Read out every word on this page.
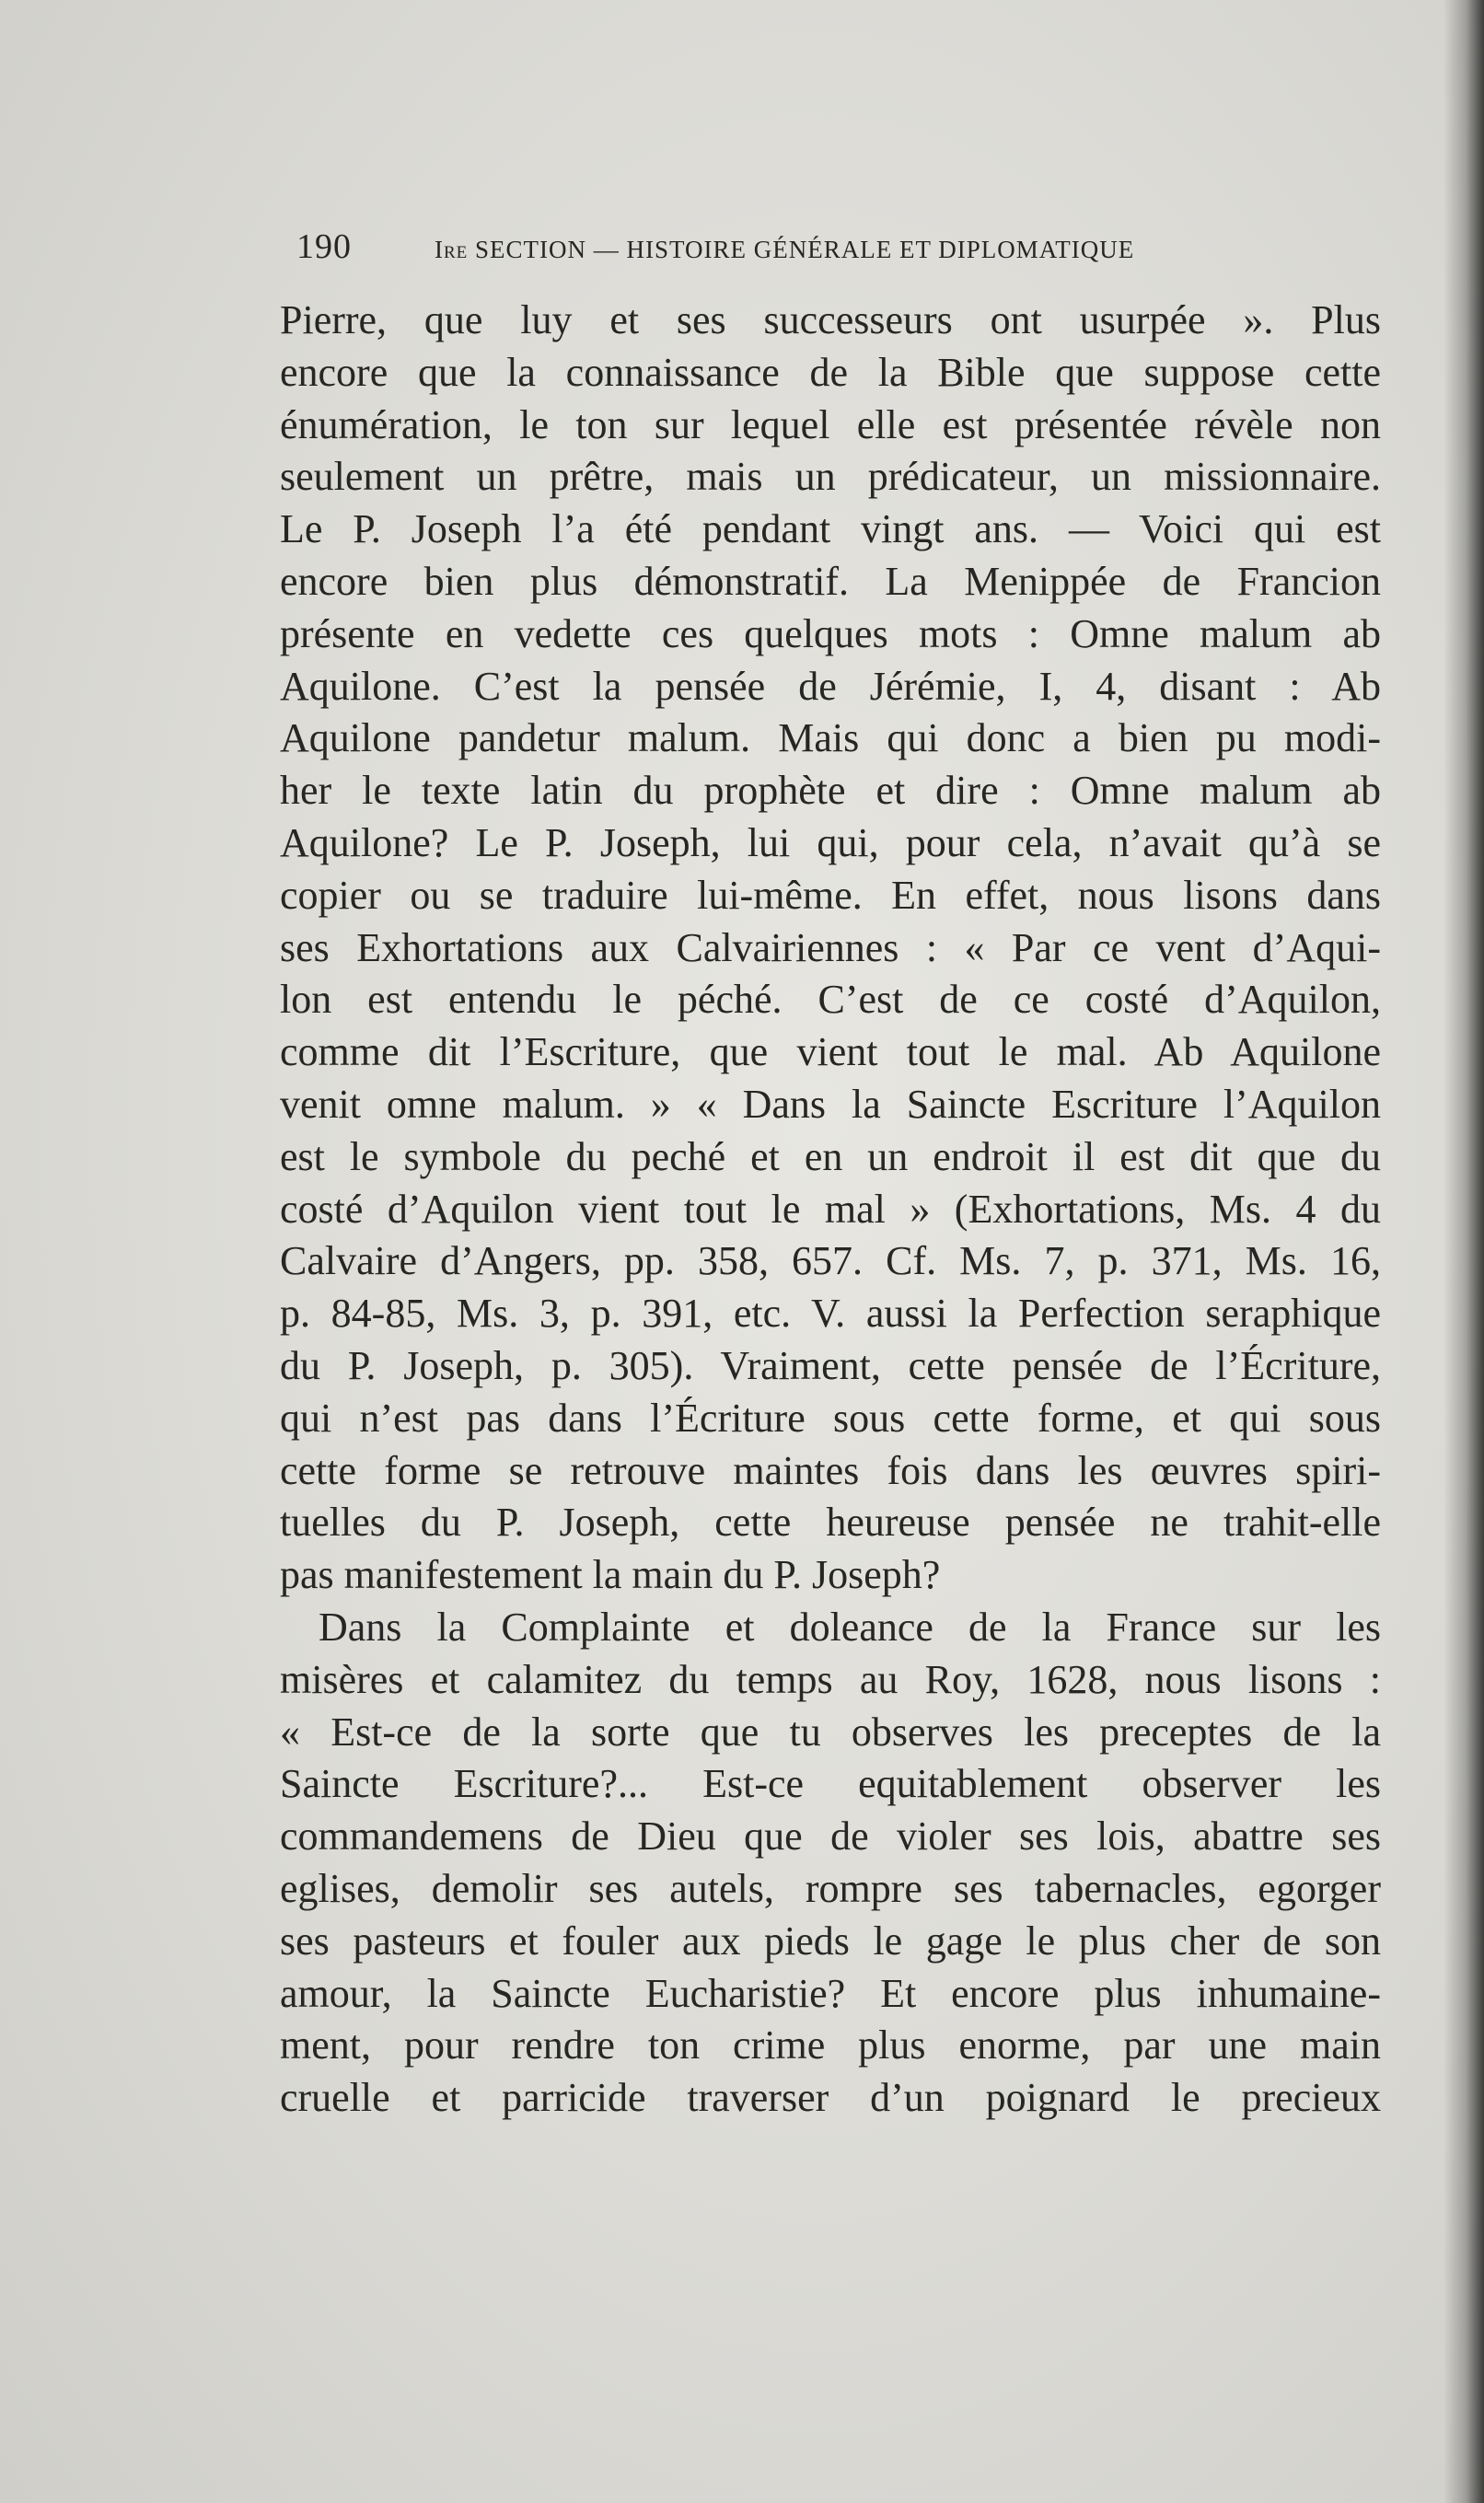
190	Ire SECTION — HISTOIRE GÉNÉRALE ET DIPLOMATIQUE
Pierre, que luy et ses successeurs ont usurpée ». Plus
encore que la connaissance de la Bible que suppose cette
énumération, le ton sur lequel elle est présentée révèle non
seulement un prêtre, mais un prédicateur, un missionnaire.
Le P. Joseph l’a été pendant vingt ans. — Voici qui est
encore bien plus démonstratif. La Menippée de Francion
présente en vedette ces quelques mots : Omne malum ab
Aquilone. C’est la pensée de Jérémie, I, 4, disant : Ab
Aquilone pandetur malum. Mais qui donc a bien pu modi-
her le texte latin du prophète et dire : Omne malum ab
Aquilone? Le P. Joseph, lui qui, pour cela, n’avait qu’à se
copier ou se traduire lui-même. En effet, nous lisons dans
ses Exhortations aux Calvairiennes : « Par ce vent d’Aqui-
lon est entendu le péché. C’est de ce costé d’Aquilon,
comme dit l’Escriture, que vient tout le mal. Ab Aquilone
venit omne malum. » « Dans la Saincte Escriture l’Aquilon
est le symbole du peché et en un endroit il est dit que du
costé d’Aquilon vient tout le mal » (Exhortations, Ms. 4 du
Calvaire d’Angers, pp. 358, 657. Cf. Ms. 7, p. 371, Ms. 16,
p. 84-85, Ms. 3, p. 391, etc. V. aussi la Perfection seraphique
du P. Joseph, p. 305). Vraiment, cette pensée de l’Écriture,
qui n’est pas dans l’Écriture sous cette forme, et qui sous
cette forme se retrouve maintes fois dans les œuvres spiri-
tuelles du P. Joseph, cette heureuse pensée ne trahit-elle
pas manifestement la main du P. Joseph?
Dans la Complainte et doleance de la France sur les
misères et calamitez du temps au Roy, 1628, nous lisons :
« Est-ce de la sorte que tu observes les preceptes de la
Saincte Escriture?... Est-ce equitablement observer les
commandemens de Dieu que de violer ses lois, abattre ses
eglises, demolir ses autels, rompre ses tabernacles, egorger
ses pasteurs et fouler aux pieds le gage le plus cher de son
amour, la Saincte Eucharistie? Et encore plus inhumaine-
ment, pour rendre ton crime plus enorme, par une main
cruelle et parricide traverser d’un poignard le precieux
